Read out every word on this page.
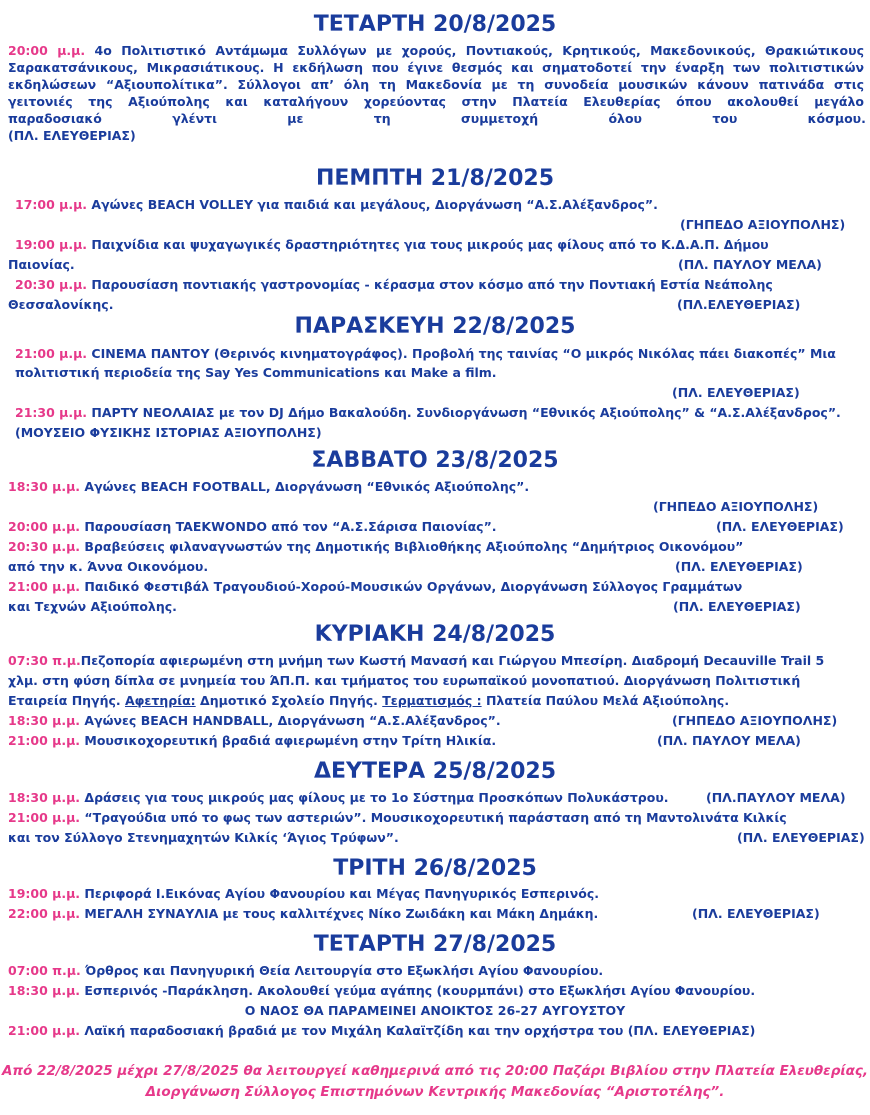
ΤΕΤΑΡΤΗ 20/8/2025
20:00 μ.μ. 4ο Πολιτιστικό Αντάμωμα Συλλόγων με χορούς, Ποντιακούς, Κρητικούς, Μακεδονικούς, Θρακιώτικους
Σαρακατσάνικους, Μικρασιάτικους. Η εκδήλωση που έγινε θεσμός και σηματοδοτεί την έναρξη των πολιτιστικών
εκδηλώσεων “Αξιουπολίτικα”. Σύλλογοι απ’ όλη τη Μακεδονία με τη συνοδεία μουσικών κάνουν πατινάδα στις
γειτονιές της Αξιούπολης και καταλήγουν χορεύοντας στην Πλατεία Ελευθερίας όπου ακολουθεί μεγάλο
παραδοσιακό γλέντι με τη συμμετοχή όλου του κόσμου.
(ΠΛ. ΕΛΕΥΘΕΡΙΑΣ)
ΠΕΜΠΤΗ 21/8/2025
17:00 μ.μ. Αγώνες BEACH VOLLEY για παιδιά και μεγάλους, Διοργάνωση “Α.Σ.Αλέξανδρος”.
(ΓΗΠΕΔΟ ΑΞΙΟΥΠΟΛΗΣ)
19:00 μ.μ. Παιχνίδια και ψυχαγωγικές δραστηριότητες για τους μικρούς μας φίλους από το Κ.Δ.Α.Π. Δήμου
Παιονίας.	(ΠΛ. ΠΑΥΛΟΥ ΜΕΛΑ)
20:30 μ.μ. Παρουσίαση ποντιακής γαστρονομίας - κέρασμα στον κόσμο από την Ποντιακή Εστία Νεάπολης
Θεσσαλονίκης.	(ΠΛ.ΕΛΕΥΘΕΡΙΑΣ)
ΠΑΡΑΣΚΕΥΗ 22/8/2025
21:00 μ.μ. CINEMA ΠΑΝΤΟΥ (Θερινός κινηματογράφος). Προβολή της ταινίας “Ο μικρός Νικόλας πάει διακοπές” Μια
πολιτιστική περιοδεία της Say Yes Communications και Make a film.
(ΠΛ. ΕΛΕΥΘΕΡΙΑΣ)
21:30 μ.μ. ΠΑΡΤΥ ΝΕΟΛΑΙΑΣ με τον DJ Δήμο Βακαλούδη. Συνδιοργάνωση “Εθνικός Αξιούπολης” & “Α.Σ.Αλέξανδρος”.
(ΜΟΥΣΕΙΟ ΦΥΣΙΚΗΣ ΙΣΤΟΡΙΑΣ ΑΞΙΟΥΠΟΛΗΣ)
ΣΑΒΒΑΤΟ 23/8/2025
18:30 μ.μ. Αγώνες BEACH FOOTBALL, Διοργάνωση “Εθνικός Αξιούπολης”.
(ΓΗΠΕΔΟ ΑΞΙΟΥΠΟΛΗΣ)
20:00 μ.μ. Παρουσίαση TAEKWONDO από τον “Α.Σ.Σάρισα Παιονίας”.	(ΠΛ. ΕΛΕΥΘΕΡΙΑΣ)
20:30 μ.μ. Βραβεύσεις φιλαναγνωστών της Δημοτικής Βιβλιοθήκης Αξιούπολης “Δημήτριος Οικονόμου”
από την κ. Άννα Οικονόμου.	(ΠΛ. ΕΛΕΥΘΕΡΙΑΣ)
21:00 μ.μ. Παιδικό Φεστιβάλ Τραγουδιού-Χορού-Μουσικών Οργάνων, Διοργάνωση Σύλλογος Γραμμάτων
και Τεχνών Αξιούπολης.	(ΠΛ. ΕΛΕΥΘΕΡΙΑΣ)
ΚΥΡΙΑΚΗ 24/8/2025
07:30 π.μ.Πεζοπορία αφιερωμένη στη μνήμη των Κωστή Μανασή και Γιώργου Μπεσίρη. Διαδρομή Decauville Trail 5
χλμ. στη φύση δίπλα σε μνημεία του ΆΠ.Π. και τμήματος του ευρωπαϊκού μονοπατιού. Διοργάνωση Πολιτιστική
Εταιρεία Πηγής. Αφετηρία: Δημοτικό Σχολείο Πηγής. Τερματισμός : Πλατεία Παύλου Μελά Αξιούπολης.
18:30 μ.μ. Αγώνες BEACH HANDBALL, Διοργάνωση “Α.Σ.Αλέξανδρος”.	(ΓΗΠΕΔΟ ΑΞΙΟΥΠΟΛΗΣ)
21:00 μ.μ. Μουσικοχορευτική βραδιά αφιερωμένη στην Τρίτη Ηλικία.	(ΠΛ. ΠΑΥΛΟΥ ΜΕΛΑ)
ΔΕΥΤΕΡΑ 25/8/2025
18:30 μ.μ. Δράσεις για τους μικρούς μας φίλους με το 1ο Σύστημα Προσκόπων Πολυκάστρου.	(ΠΛ.ΠΑΥΛΟΥ ΜΕΛΑ)
21:00 μ.μ. “Τραγούδια υπό το φως των αστεριών”. Μουσικοχορευτική παράσταση από τη Μαντολινάτα Κιλκίς
και τον Σύλλογο Στενημαχητών Κιλκίς ‘Άγιος Τρύφων”.	(ΠΛ. ΕΛΕΥΘΕΡΙΑΣ)
ΤΡΙΤΗ 26/8/2025
19:00 μ.μ. Περιφορά Ι.Εικόνας Αγίου Φανουρίου και Μέγας Πανηγυρικός Εσπερινός.
22:00 μ.μ. ΜΕΓΑΛΗ ΣΥΝΑΥΛΙΑ με τους καλλιτέχνες Νίκο Ζωιδάκη και Μάκη Δημάκη.	(ΠΛ. ΕΛΕΥΘΕΡΙΑΣ)
ΤΕΤΑΡΤΗ 27/8/2025
07:00 π.μ. Όρθρος και Πανηγυρική Θεία Λειτουργία στο Εξωκλήσι Αγίου Φανουρίου.
18:30 μ.μ. Εσπερινός -Παράκληση. Ακολουθεί γεύμα αγάπης (κουρμπάνι) στο Εξωκλήσι Αγίου Φανουρίου.
Ο ΝΑΟΣ ΘΑ ΠΑΡΑΜΕΙΝΕΙ ΑΝΟΙΚΤΟΣ 26-27 ΑΥΓΟΥΣΤΟΥ
21:00 μ.μ. Λαϊκή παραδοσιακή βραδιά με τον Μιχάλη Καλαϊτζίδη και την ορχήστρα του (ΠΛ. ΕΛΕΥΘΕΡΙΑΣ)
Από 22/8/2025 μέχρι 27/8/2025 θα λειτουργεί καθημερινά από τις 20:00 Παζάρι Βιβλίου στην Πλατεία Ελευθερίας,
Διοργάνωση Σύλλογος Επιστημόνων Κεντρικής Μακεδονίας “Αριστοτέλης”.
